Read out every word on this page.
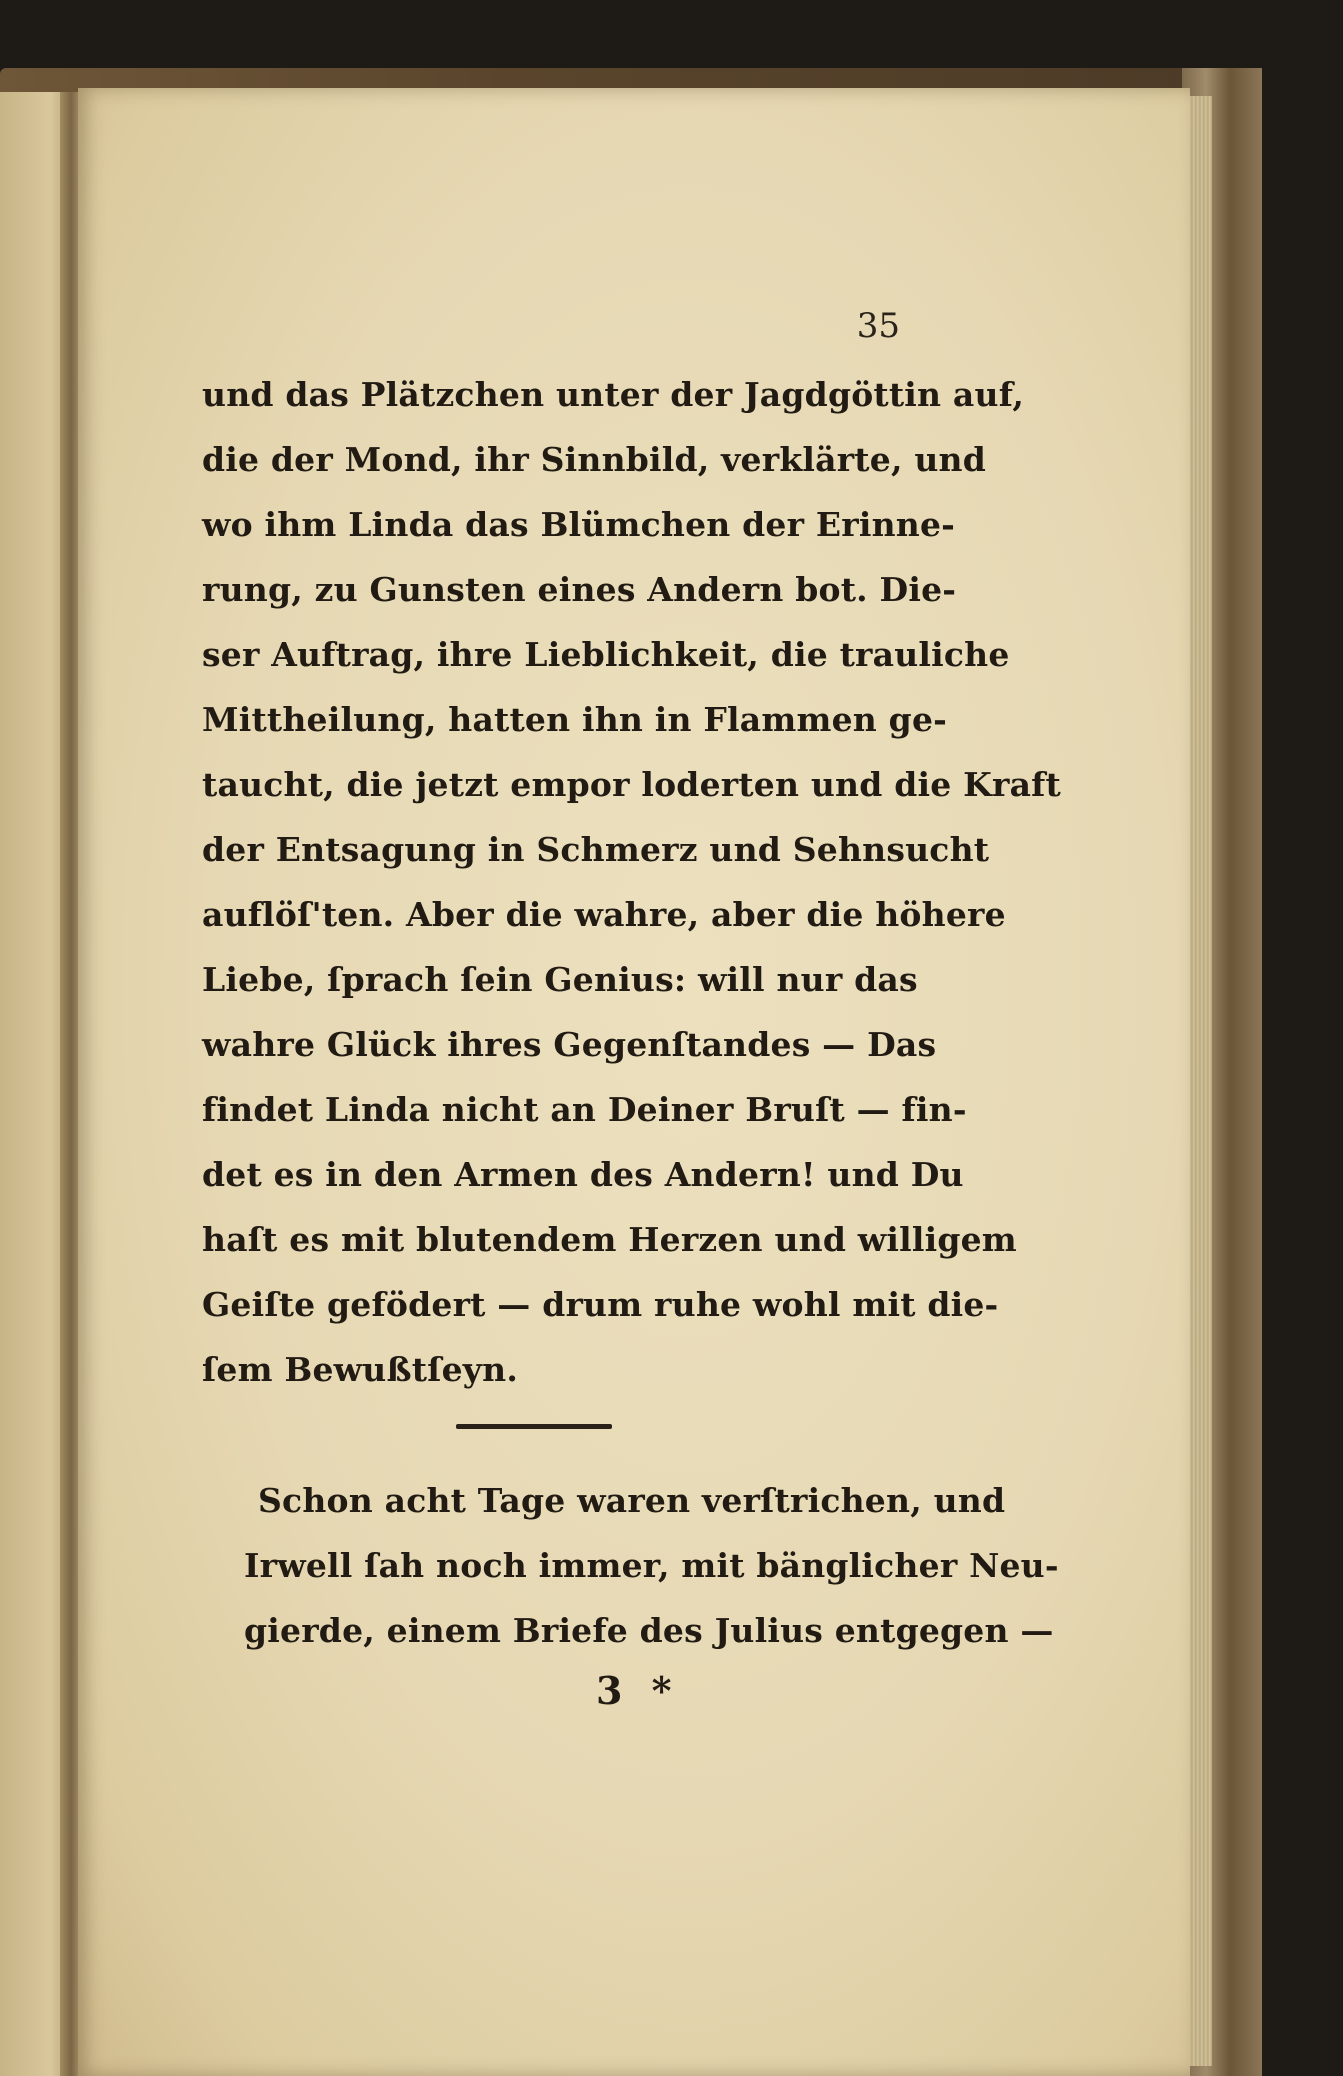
35
und das Plätzchen unter der Jagdgöttin auf,
die der Mond, ihr Sinnbild, verklärte, und
wo ihm Linda das Blümchen der Erinne-
rung, zu Gunsten eines Andern bot. Die-
ser Auftrag, ihre Lieblichkeit, die trauliche
Mittheilung, hatten ihn in Flammen ge-
taucht, die jetzt empor loderten und die Kraft
der Entsagung in Schmerz und Sehnsucht
auflöſ'ten. Aber die wahre, aber die höhere
Liebe, ſprach ſein Genius: will nur das
wahre Glück ihres Gegenſtandes — Das
findet Linda nicht an Deiner Bruſt — fin-
det es in den Armen des Andern! und Du
haſt es mit blutendem Herzen und willigem
Geiſte gefödert — drum ruhe wohl mit die-
ſem Bewußtſeyn.
Schon acht Tage waren verſtrichen, und
Irwell ſah noch immer, mit bänglicher Neu-
gierde, einem Briefe des Julius entgegen —
3 *
